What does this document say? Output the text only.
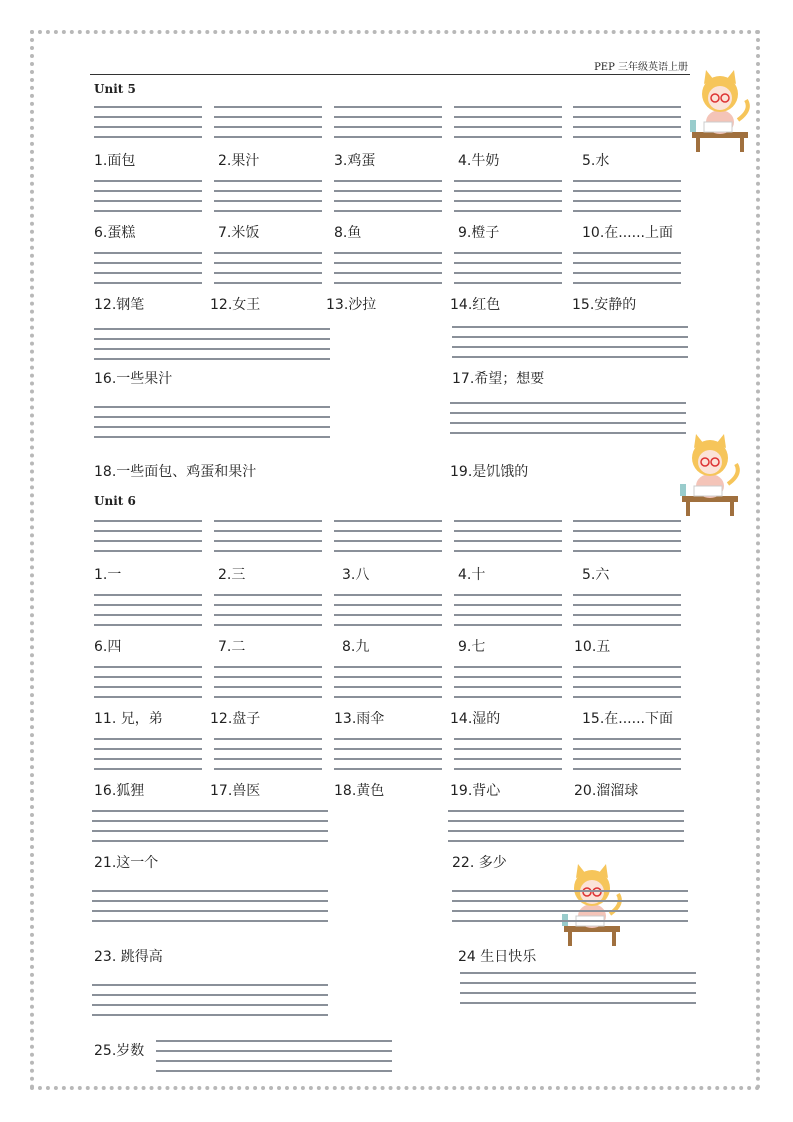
PEP 三年级英语上册
Unit 5
1.面包	2.果汁	3.鸡蛋	4.牛奶	5.水
6.蛋糕	7.米饭	8.鱼	9.橙子	10.在......上面
12.钢笔	12.女王	13.沙拉	14.红色	15.安静的
16.一些果汁	17.希望；想要
18.一些面包、鸡蛋和果汁	19.是饥饿的
Unit 6
1.一	2.三	3.八	4.十	5.六
6.四	7.二	8.九	9.七	10.五
11. 兄，弟	12.盘子	13.雨伞	14.湿的	15.在......下面
16.狐狸	17.兽医	18.黄色	19.背心	20.溜溜球
21.这一个	22. 多少
23. 跳得高	24 生日快乐
25.岁数
